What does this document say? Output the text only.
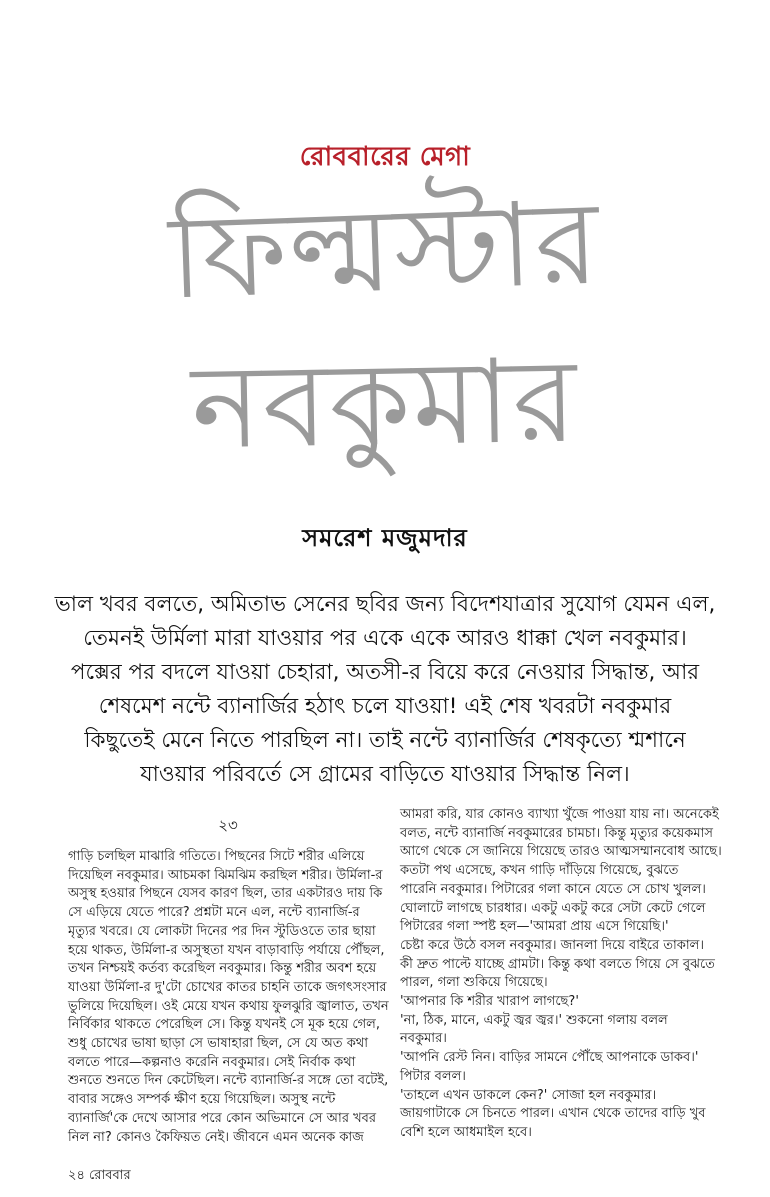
রোববারের মেগা
ফিল্মস্টার
নবকুমার
সমরেশ মজুমদার

ভাল খবর বলতে, অমিতাভ সেনের ছবির জন্য বিদেশযাত্রার সুযোগ যেমন এল,

তেমনই উর্মিলা মারা যাওয়ার পর একে একে আরও ধাক্কা খেল নবকুমার।

পক্সের পর বদলে যাওয়া চেহারা, অতসী-র বিয়ে করে নেওয়ার সিদ্ধান্ত, আর

শেষমেশ নন্টে ব্যানার্জির হঠাৎ চলে যাওয়া! এই শেষ খবরটা নবকুমার

কিছুতেই মেনে নিতে পারছিল না। তাই নন্টে ব্যানার্জির শেষকৃত্যে শ্মশানে

যাওয়ার পরিবর্তে সে গ্রামের বাড়িতে যাওয়ার সিদ্ধান্ত নিল।

২৩

গাড়ি চলছিল মাঝারি গতিতে। পিছনের সিটে শরীর এলিয়ে

দিয়েছিল নবকুমার। আচমকা ঝিমঝিম করছিল শরীর। উর্মিলা-র

অসুস্থ হওয়ার পিছনে যেসব কারণ ছিল, তার একটারও দায় কি

সে এড়িয়ে যেতে পারে? প্রশ্নটা মনে এল, নন্টে ব্যানার্জি-র

মৃত্যুর খবরে। যে লোকটা দিনের পর দিন স্টুডিওতে তার ছায়া

হয়ে থাকত, উর্মিলা-র অসুস্থতা যখন বাড়াবাড়ি পর্যায়ে পৌঁছল,

তখন নিশ্চয়ই কর্তব্য করেছিল নবকুমার। কিন্তু শরীর অবশ হয়ে

যাওয়া উর্মিলা-র দু'টো চোখের কাতর চাহনি তাকে জগৎসংসার

ভুলিয়ে দিয়েছিল। ওই মেয়ে যখন কথায় ফুলঝুরি জ্বালাত, তখন

নির্বিকার থাকতে পেরেছিল সে। কিন্তু যখনই সে মূক হয়ে গেল,

শুধু চোখের ভাষা ছাড়া সে ভাষাহারা ছিল, সে যে অত কথা

বলতে পারে—কল্পনাও করেনি নবকুমার। সেই নির্বাক কথা

শুনতে শুনতে দিন কেটেছিল। নন্টে ব্যানার্জি-র সঙ্গে তো বটেই,

বাবার সঙ্গেও সম্পর্ক ক্ষীণ হয়ে গিয়েছিল। অসুস্থ নন্টে

ব্যানার্জি'কে দেখে আসার পরে কোন অভিমানে সে আর খবর

নিল না? কোনও কৈফিয়ত নেই। জীবনে এমন অনেক কাজ

আমরা করি, যার কোনও ব্যাখ্যা খুঁজে পাওয়া যায় না। অনেকেই

বলত, নন্টে ব্যানার্জি নবকুমারের চামচা। কিন্তু মৃত্যুর কয়েকমাস

আগে থেকে সে জানিয়ে গিয়েছে তারও আত্মসম্মানবোধ আছে।

কতটা পথ এসেছে, কখন গাড়ি দাঁড়িয়ে গিয়েছে, বুঝতে

পারেনি নবকুমার। পিটারের গলা কানে যেতে সে চোখ খুলল।

ঘোলাটে লাগছে চারধার। একটু একটু করে সেটা কেটে গেলে

পিটারের গলা স্পষ্ট হল—'আমরা প্রায় এসে গিয়েছি।'

চেষ্টা করে উঠে বসল নবকুমার। জানলা দিয়ে বাইরে তাকাল।

কী দ্রুত পাল্টে যাচ্ছে গ্রামটা। কিন্তু কথা বলতে গিয়ে সে বুঝতে

পারল, গলা শুকিয়ে গিয়েছে।

'আপনার কি শরীর খারাপ লাগছে?'

'না, ঠিক, মানে, একটু জ্বর জ্বর।' শুকনো গলায় বলল

নবকুমার।

'আপনি রেস্ট নিন। বাড়ির সামনে পৌঁছে আপনাকে ডাকব।'

পিটার বলল।

'তাহলে এখন ডাকলে কেন?' সোজা হল নবকুমার।

জায়গাটাকে সে চিনতে পারল। এখান থেকে তাদের বাড়ি খুব

বেশি হলে আধমাইল হবে।

২৪ রোববার
